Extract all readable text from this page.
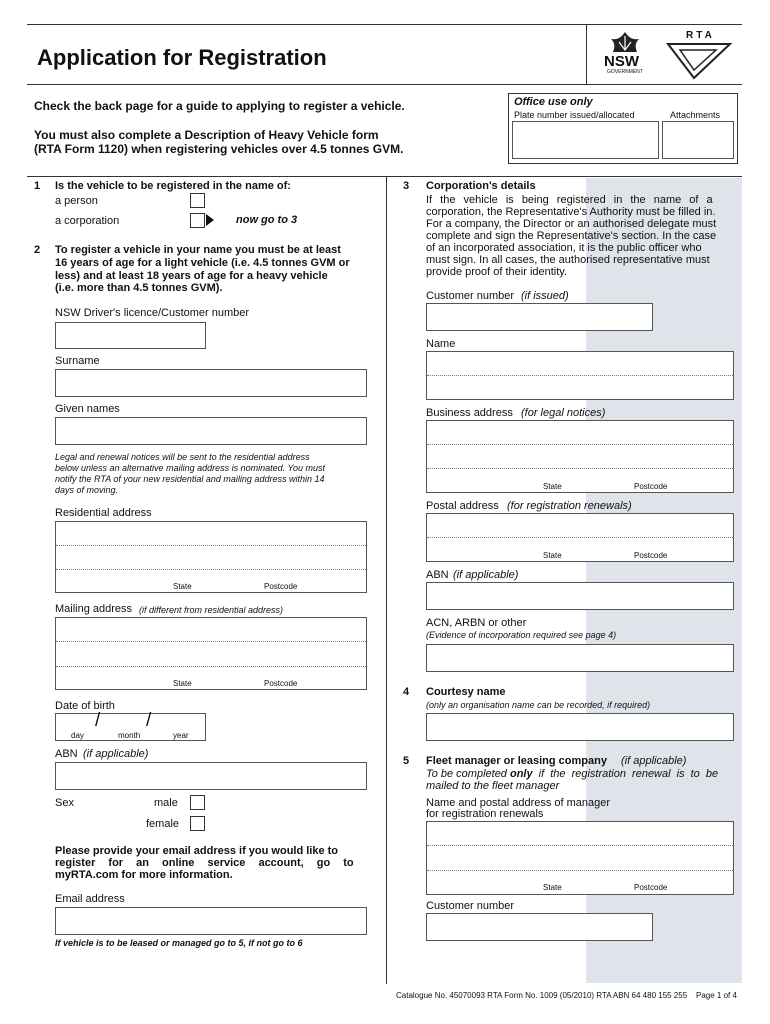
Application for Registration	NSW
GOVERNMENT
RTA
Check the back page for a guide to applying to register a vehicle.
You must also complete a Description of Heavy Vehicle form
(RTA Form 1120) when registering vehicles over 4.5 tonnes GVM.
Office use only
Plate number issued/allocated	Attachments
1 Is the vehicle to be registered in the name of:
a person
a corporation	now go to 3
2 To register a vehicle in your name you must be at least
16 years of age for a light vehicle (i.e. 4.5 tonnes GVM or
less) and at least 18 years of age for a heavy vehicle
(i.e. more than 4.5 tonnes GVM).
NSW Driver's licence/Customer number
Surname
Given names
Legal and renewal notices will be sent to the residential address
below unless an alternative mailing address is nominated. You must
notify the RTA of your new residential and mailing address within 14
days of moving.
Residential address
State	Postcode
Mailing address (if different from residential address)
State	Postcode
Date of birth
/ /
day	month	year
ABN (if applicable)
Sex	male
female
Please provide your email address if you would like to
register for an online service account, go to
myRTA.com for more information.
Email address
If vehicle is to be leased or managed go to 5, if not go to 6
3 Corporation's details
If the vehicle is being registered in the name of a
corporation, the Representative's Authority must be filled in.
For a company, the Director or an authorised delegate must
complete and sign the Representative's section. In the case
of an incorporated association, it is the public officer who
must sign. In all cases, the authorised representative must
provide proof of their identity.
Customer number (if issued)
Name
Business address (for legal notices)
State	Postcode
Postal address (for registration renewals)
State	Postcode
ABN (if applicable)
ACN, ARBN or other
(Evidence of incorporation required see page 4)
4 Courtesy name
(only an organisation name can be recorded, if required)
5 Fleet manager or leasing company (if applicable)
To be completed only if the registration renewal is to be
mailed to the fleet manager
Name and postal address of manager
for registration renewals
State	Postcode
Customer number
Catalogue No. 45070093 RTA Form No. 1009 (05/2010) RTA ABN 64 480 155 255 Page 1 of 4
